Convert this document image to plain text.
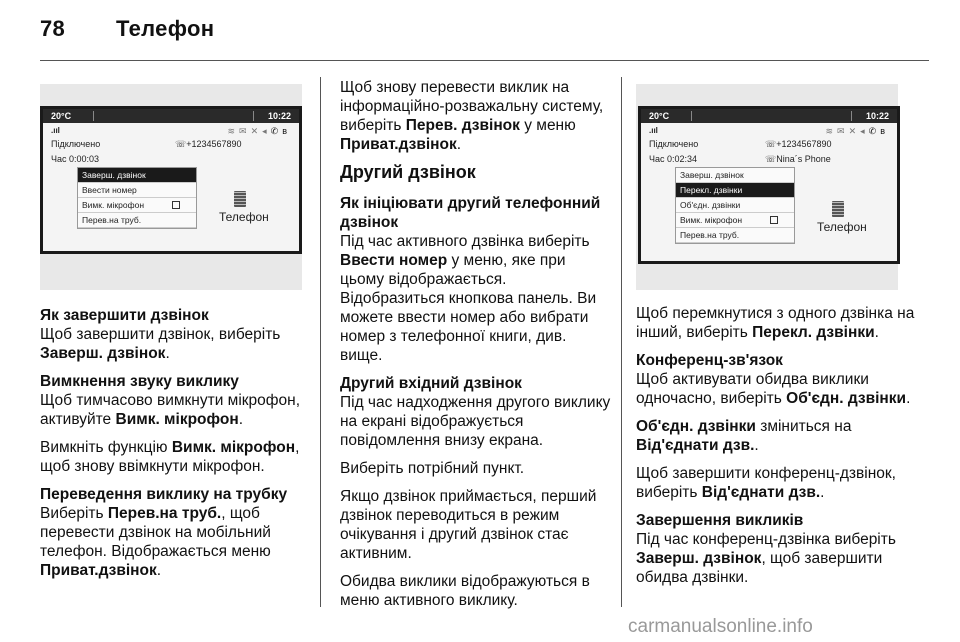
78 Телефон
20°C	10:22
.ııl	≋✉✕◂✆ʙ
Підключено	☏+1234567890
Час 0:00:03
Заверш. дзвінок
Ввести номер
Вимк. мікрофон
Перев.на труб.	Телефон

Як завершити дзвінок

Щоб завершити дзвінок, виберіть
Заверш. дзвінок.

Вимкнення звуку виклику

Щоб тимчасово вимкнути мікрофон, активуйте Вимк. мікрофон.

Вимкніть функцію Вимк. мікрофон, щоб знову ввімкнути мікрофон.

Переведення виклику на трубку

Виберіть Перев.на труб., щоб перевести дзвінок на мобільний телефон. Відображається меню Приват.дзвінок.

Щоб знову перевести виклик на інформаційно-розважальну систему, виберіть Перев. дзвінок у меню Приват.дзвінок.

Другий дзвінок

Як ініціювати другий телефонний дзвінок

Під час активного дзвінка виберіть Ввести номер у меню, яке при цьому відображається.
Відобразиться кнопкова панель. Ви можете ввести номер або вибрати номер з телефонної книги, див. вище.

Другий вхідний дзвінок

Під час надходження другого виклику на екрані відображується повідомлення внизу екрана.

Виберіть потрібний пункт.

Якщо дзвінок приймається, перший дзвінок переводиться в режим очікування і другий дзвінок стає активним.

Обидва виклики відображуються в меню активного виклику.

20°C	10:22
.ııl	≋✉✕◂✆ʙ
Підключено	☏+1234567890
Час 0:02:34	☏Nina´s Phone
Заверш. дзвінок
Перекл. дзвінки
Об'єдн. дзвінки
Вимк. мікрофон
Перев.на труб.
Телефон

Щоб перемкнутися з одного дзвінка на інший, виберіть Перекл. дзвінки.

Конференц-зв'язок

Щоб активувати обидва виклики одночасно, виберіть Об'єдн. дзвінки.

Об'єдн. дзвінки зміниться на Від'єднати дзв..

Щоб завершити конференц-дзвінок, виберіть Від'єднати дзв..

Завершення викликів

Під час конференц-дзвінка виберіть Заверш. дзвінок, щоб завершити обидва дзвінки.

carmanualsonline.info
